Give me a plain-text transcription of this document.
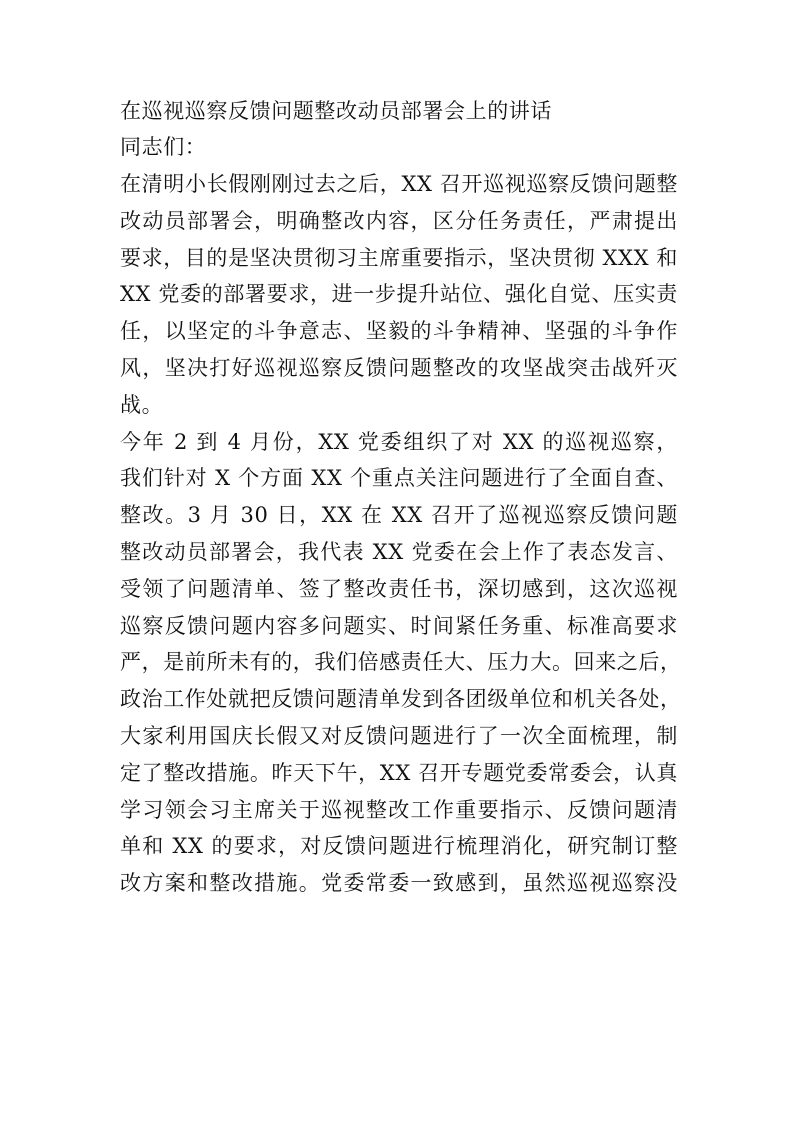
在巡视巡察反馈问题整改动员部署会上的讲话

同志们：

在清明小长假刚刚过去之后，XX 召开巡视巡察反馈问题整
改动员部署会，明确整改内容，区分任务责任，严肃提出
要求，目的是坚决贯彻习主席重要指示，坚决贯彻 XXX 和
XX 党委的部署要求，进一步提升站位、强化自觉、压实责
任，以坚定的斗争意志、坚毅的斗争精神、坚强的斗争作
风，坚决打好巡视巡察反馈问题整改的攻坚战突击战歼灭
战。
今年 2 到 4 月份，XX 党委组织了对 XX 的巡视巡察，
我们针对 X 个方面 XX 个重点关注问题进行了全面自查、
整改。3 月 30 日，XX 在 XX 召开了巡视巡察反馈问题
整改动员部署会，我代表 XX 党委在会上作了表态发言、
受领了问题清单、签了整改责任书，深切感到，这次巡视
巡察反馈问题内容多问题实、时间紧任务重、标准高要求
严，是前所未有的，我们倍感责任大、压力大。回来之后，
政治工作处就把反馈问题清单发到各团级单位和机关各处，
大家利用国庆长假又对反馈问题进行了一次全面梳理，制
定了整改措施。昨天下午，XX 召开专题党委常委会，认真
学习领会习主席关于巡视整改工作重要指示、反馈问题清
单和 XX 的要求，对反馈问题进行梳理消化，研究制订整
改方案和整改措施。党委常委一致感到，虽然巡视巡察没
